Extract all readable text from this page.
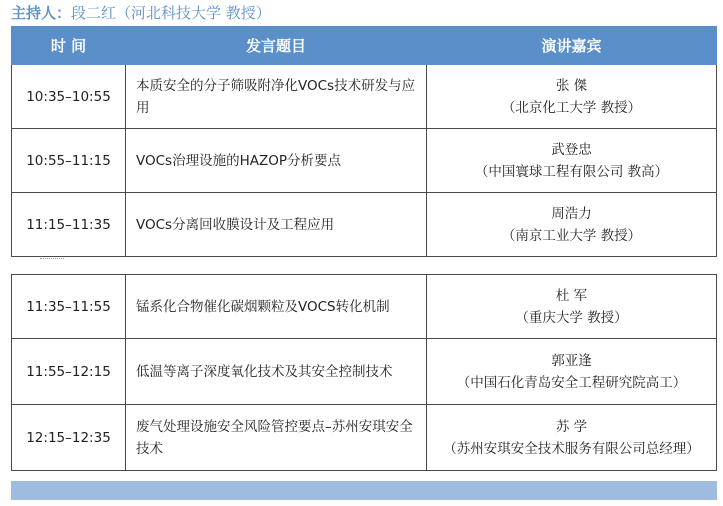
主持人：段二红（河北科技大学 教授）
时 间	发言题目	演讲嘉宾
10:35–10:55	本质安全的分子筛吸附净化VOCs技术研发与应用	张 傑
（北京化工大学 教授）

10:55–11:15	VOCs治理设施的HAZOP分析要点	武登忠
（中国寰球工程有限公司 教高）

11:15–11:35	VOCs分离回收膜设计及工程应用	周浩力
（南京工业大学 教授）
11:35–11:55	锰系化合物催化碳烟颗粒及VOCS转化机制	杜 军
（重庆大学 教授）

11:55–12:15	低温等离子深度氧化技术及其安全控制技术	郭亚逢
（中国石化青岛安全工程研究院高工）

12:15–12:35	废气处理设施安全风险管控要点–苏州安琪安全技术	苏 学
（苏州安琪安全技术服务有限公司总经理）
